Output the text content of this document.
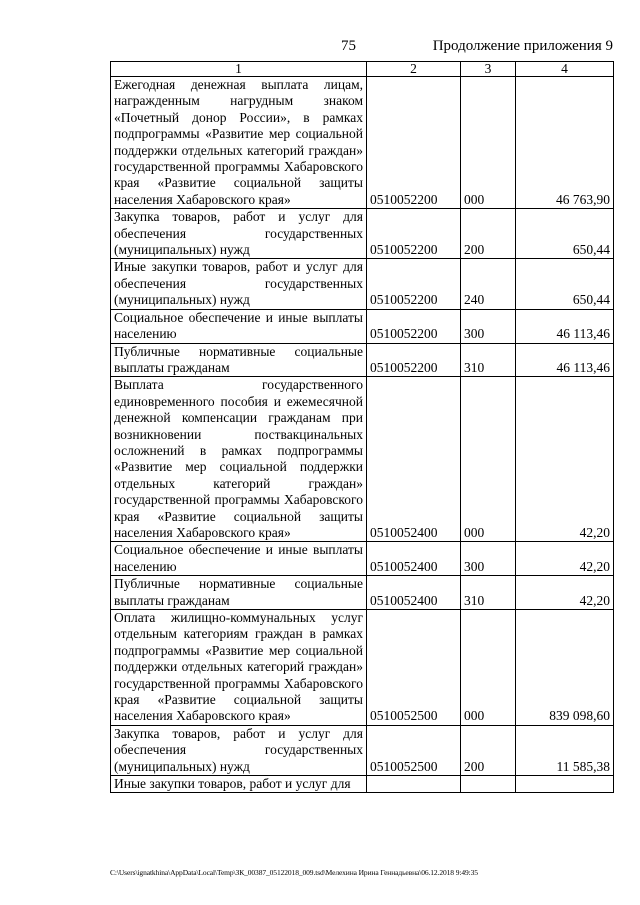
75	Продолжение приложения 9
1	2	3	4
Ежегодная денежная выплата лицам, награжденным нагрудным знаком «Почетный донор России», в рамках подпрограммы «Развитие мер социальной поддержки отдельных категорий граждан» государственной программы Хабаровского края «Развитие социальной защиты населения Хабаровского края»	0510052200	000	46 763,90
Закупка товаров, работ и услуг для обеспечения государственных (муниципальных) нужд	0510052200	200	650,44
Иные закупки товаров, работ и услуг для обеспечения государственных (муниципальных) нужд	0510052200	240	650,44
Социальное обеспечение и иные выплаты населению	0510052200	300	46 113,46
Публичные нормативные социальные выплаты гражданам	0510052200	310	46 113,46
Выплата государственного единовременного пособия и ежемесячной денежной компенсации гражданам при возникновении поствакцинальных осложнений в рамках подпрограммы «Развитие мер социальной поддержки отдельных категорий граждан» государственной программы Хабаровского края «Развитие социальной защиты населения Хабаровского края»	0510052400	000	42,20
Социальное обеспечение и иные выплаты населению	0510052400	300	42,20
Публичные нормативные социальные выплаты гражданам	0510052400	310	42,20
Оплата жилищно-коммунальных услуг отдельным категориям граждан в рамках подпрограммы «Развитие мер социальной поддержки отдельных категорий граждан» государственной программы Хабаровского края «Развитие социальной защиты населения Хабаровского края»	0510052500	000	839 098,60
Закупка товаров, работ и услуг для обеспечения государственных (муниципальных) нужд	0510052500	200	11 585,38
Иные закупки товаров, работ и услуг для			
C:\Users\ignatkhina\AppData\Local\Temp\ЗК_00387_05122018_009.tsd\Мелехина Ирина Геннадьевна\06.12.2018 9:49:35
